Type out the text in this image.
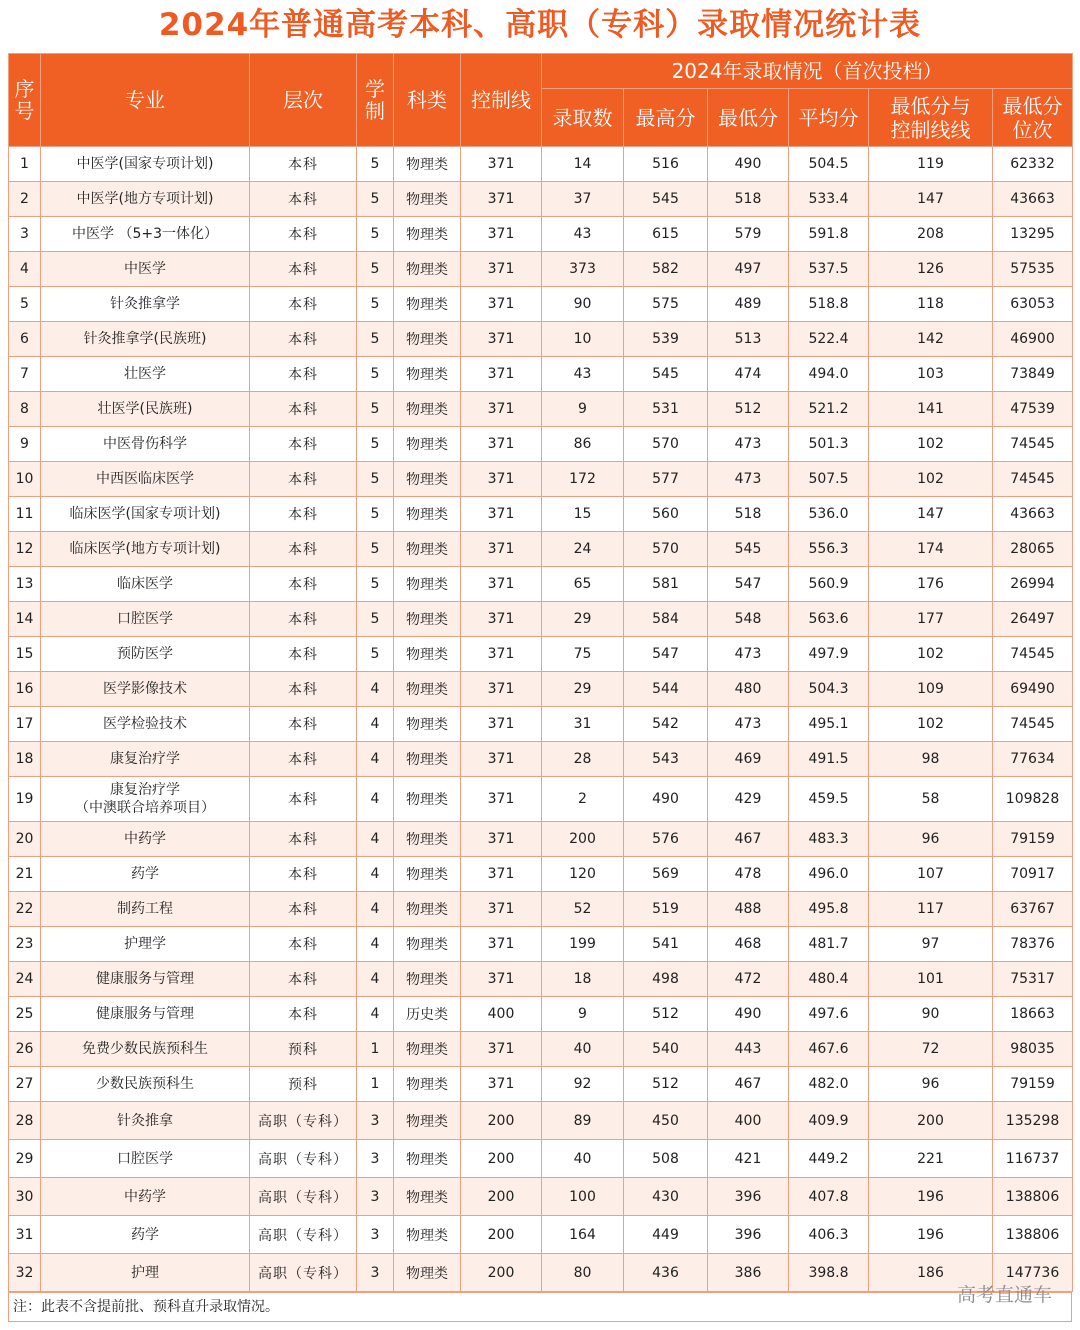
2024年普通高考本科、高职（专科）录取情况统计表
序号	专业	层次	学制	科类	控制线	2024年录取情况（首次投档）					
						录取数	最高分	最低分	平均分	最低分与控制线线	最低分位次
1	中医学(国家专项计划)	本科	5	物理类	371	14	516	490	504.5	119	62332
2	中医学(地方专项计划)	本科	5	物理类	371	37	545	518	533.4	147	43663
3	中医学 （5+3一体化）	本科	5	物理类	371	43	615	579	591.8	208	13295
4	中医学	本科	5	物理类	371	373	582	497	537.5	126	57535
5	针灸推拿学	本科	5	物理类	371	90	575	489	518.8	118	63053
6	针灸推拿学(民族班)	本科	5	物理类	371	10	539	513	522.4	142	46900
7	壮医学	本科	5	物理类	371	43	545	474	494.0	103	73849
8	壮医学(民族班)	本科	5	物理类	371	9	531	512	521.2	141	47539
9	中医骨伤科学	本科	5	物理类	371	86	570	473	501.3	102	74545
10	中西医临床医学	本科	5	物理类	371	172	577	473	507.5	102	74545
11	临床医学(国家专项计划)	本科	5	物理类	371	15	560	518	536.0	147	43663
12	临床医学(地方专项计划)	本科	5	物理类	371	24	570	545	556.3	174	28065
13	临床医学	本科	5	物理类	371	65	581	547	560.9	176	26994
14	口腔医学	本科	5	物理类	371	29	584	548	563.6	177	26497
15	预防医学	本科	5	物理类	371	75	547	473	497.9	102	74545
16	医学影像技术	本科	4	物理类	371	29	544	480	504.3	109	69490
17	医学检验技术	本科	4	物理类	371	31	542	473	495.1	102	74545
18	康复治疗学	本科	4	物理类	371	28	543	469	491.5	98	77634
19	康复治疗学
（中澳联合培养项目）	本科	4	物理类	371	2	490	429	459.5	58	109828
20	中药学	本科	4	物理类	371	200	576	467	483.3	96	79159
21	药学	本科	4	物理类	371	120	569	478	496.0	107	70917
22	制药工程	本科	4	物理类	371	52	519	488	495.8	117	63767
23	护理学	本科	4	物理类	371	199	541	468	481.7	97	78376
24	健康服务与管理	本科	4	物理类	371	18	498	472	480.4	101	75317
25	健康服务与管理	本科	4	历史类	400	9	512	490	497.6	90	18663
26	免费少数民族预科生	预科	1	物理类	371	40	540	443	467.6	72	98035
27	少数民族预科生	预科	1	物理类	371	92	512	467	482.0	96	79159
28	针灸推拿	高职（专科）	3	物理类	200	89	450	400	409.9	200	135298
29	口腔医学	高职（专科）	3	物理类	200	40	508	421	449.2	221	116737
30	中药学	高职（专科）	3	物理类	200	100	430	396	407.8	196	138806
31	药学	高职（专科）	3	物理类	200	164	449	396	406.3	196	138806
32	护理	高职（专科）	3	物理类	200	80	436	386	398.8	186	147736
注：此表不含提前批、预科直升录取情况。
高考直通车
